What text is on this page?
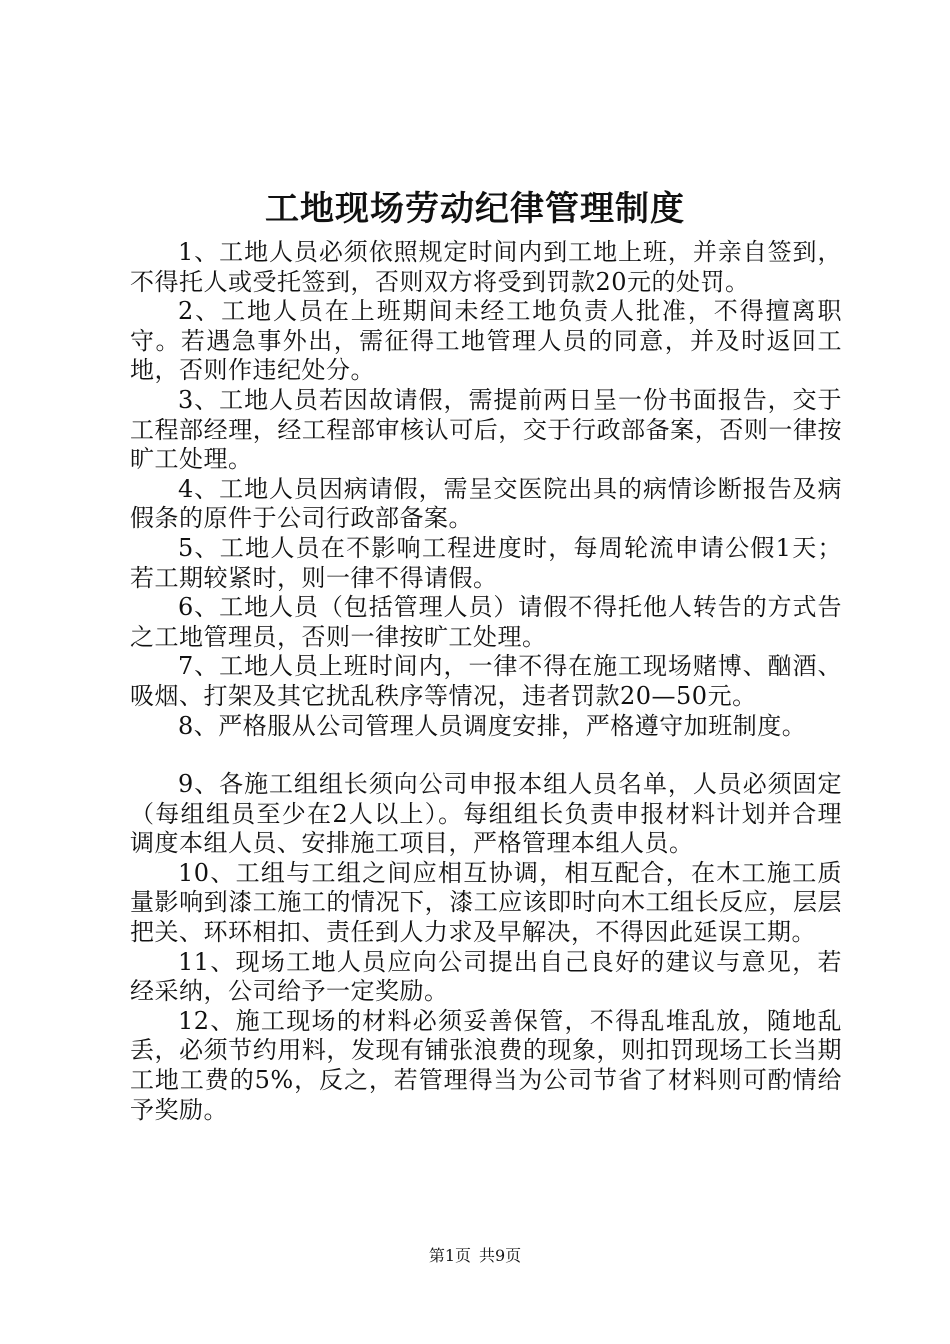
工地现场劳动纪律管理制度

1、工地人员必须依照规定时间内到工地上班，并亲自签到，不得托人或受托签到，否则双方将受到罚款20元的处罚。

2、工地人员在上班期间未经工地负责人批准，不得擅离职守。若遇急事外出，需征得工地管理人员的同意，并及时返回工地，否则作违纪处分。

3、工地人员若因故请假，需提前两日呈一份书面报告，交于工程部经理，经工程部审核认可后，交于行政部备案，否则一律按旷工处理。

4、工地人员因病请假，需呈交医院出具的病情诊断报告及病假条的原件于公司行政部备案。

5、工地人员在不影响工程进度时，每周轮流申请公假1天；若工期较紧时，则一律不得请假。

6、工地人员（包括管理人员）请假不得托他人转告的方式告之工地管理员，否则一律按旷工处理。

7、工地人员上班时间内，一律不得在施工现场赌博、酗酒、吸烟、打架及其它扰乱秩序等情况，违者罚款20—50元。

8、严格服从公司管理人员调度安排，严格遵守加班制度。

9、各施工组组长须向公司申报本组人员名单，人员必须固定（每组组员至少在2人以上）。每组组长负责申报材料计划并合理调度本组人员、安排施工项目，严格管理本组人员。

10、工组与工组之间应相互协调，相互配合，在木工施工质量影响到漆工施工的情况下，漆工应该即时向木工组长反应，层层把关、环环相扣、责任到人力求及早解决，不得因此延误工期。

11、现场工地人员应向公司提出自己良好的建议与意见，若经采纳，公司给予一定奖励。

12、施工现场的材料必须妥善保管，不得乱堆乱放，随地乱丢，必须节约用料，发现有铺张浪费的现象，则扣罚现场工长当期工地工费的5%，反之，若管理得当为公司节省了材料则可酌情给予奖励。

第1页 共9页
